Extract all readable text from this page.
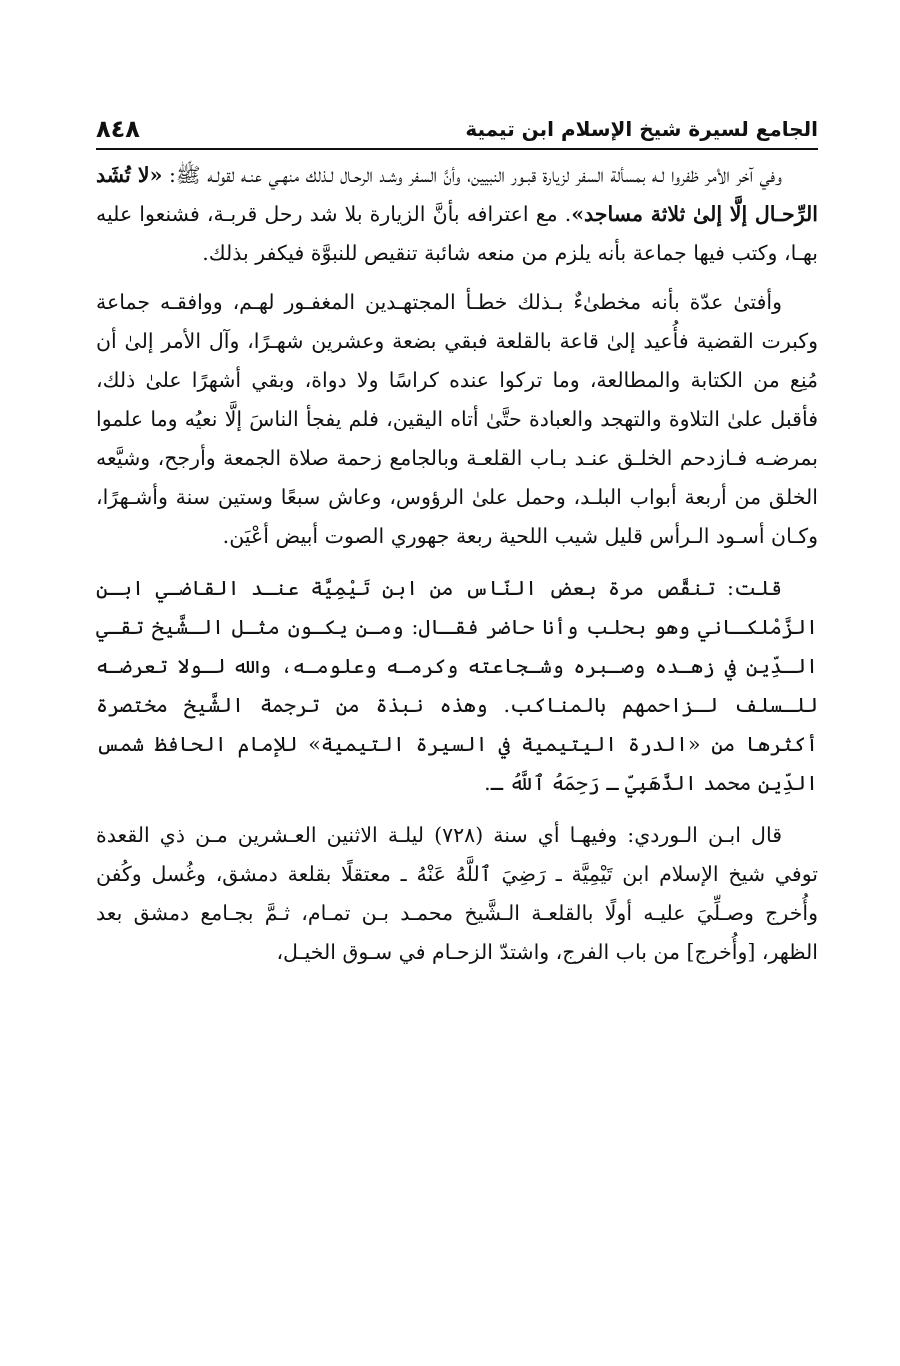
الجامع لسيرة شيخ الإسلام ابن تيمية
٨٤٨

وفي آخر الأمر ظفروا لـه بمسألة السفر لزيارة قبـور النبيين، وأنَّ السفر وشـد الرحـال لـذلك منهـي عنـه لقولـه ﷺ: «لا تُشَد الرِّحـال إلَّا إلىٰ ثلاثة مساجد». مع اعترافه بأنَّ الزيارة بلا شد رحل قربـة، فشنعوا عليه بهـا، وكتب فيها جماعة بأنه يلزم من منعه شائبة تنقيص للنبوَّة فيكفر بذلك.

وأفتىٰ عدّة بأنه مخطىٰءٌ بـذلك خطـأ المجتهـدين المغفـور لهـم، ووافقـه جماعة وكبرت القضية فأُعيد إلىٰ قاعة بالقلعة فبقي بضعة وعشرين شهـرًا، وآل الأمر إلىٰ أن مُنِع من الكتابة والمطالعة، وما تركوا عنده كراسًا ولا دواة، وبقي أشهرًا علىٰ ذلك، فأقبل علىٰ التلاوة والتهجد والعبادة حتَّىٰ أتاه اليقين، فلم يفجأ الناسَ إلَّا نعيُه وما علموا بمرضـه فـازدحم الخلـق عنـد بـاب القلعـة وبالجامع زحمة صلاة الجمعة وأرجح، وشيَّعه الخلق من أربعة أبواب البلـد، وحمل علىٰ الرؤوس، وعاش سبعًا وستين سنة وأشـهرًا، وكـان أسـود الـرأس قليل شيب اللحية ربعة جهوري الصوت أبيض أعْيَن.

قلت: تنقَّص مرة بعض النّاس من ابن تَيْمِيَّة عنـد القاضـي ابـن الزَّمْلكـاني وهو بحلب وأنا حاضر فقـال: ومـن يكـون مثـل الـشَّيخ تقـي الـدِّين في زهـده وصـبره وشـجاعته وكرمـه وعلومـه، والله لـولا تعرضـه للـسلف لـزاحمهم بالمناكب. وهذه نبذة من ترجمة الشَّيخ مختصرة أكثرها من «الدرة اليتيمية في السيرة التيمية» للإمام الحافظ شمس الدِّين محمد الذَّهَبِيّ ـ رَحِمَهُ ٱللَّهُ ـ.

قال ابـن الـوردي: وفيهـا أي سنة (٧٢٨) ليلـة الاثنين العـشرين مـن ذي القعدة توفي شيخ الإسلام ابن تَيْمِيَّة ـ رَضِيَ ٱللَّهُ عَنْهُ ـ معتقلًا بقلعة دمشق، وغُسل وكُفن وأُخرج وصـلِّيَ عليـه أولًا بالقلعـة الـشَّيخ محمـد بـن تمـام، ثـمَّ بجـامع دمشق بعد الظهر، [وأُخرج] من باب الفرج، واشتدّ الزحـام في سـوق الخيـل،
